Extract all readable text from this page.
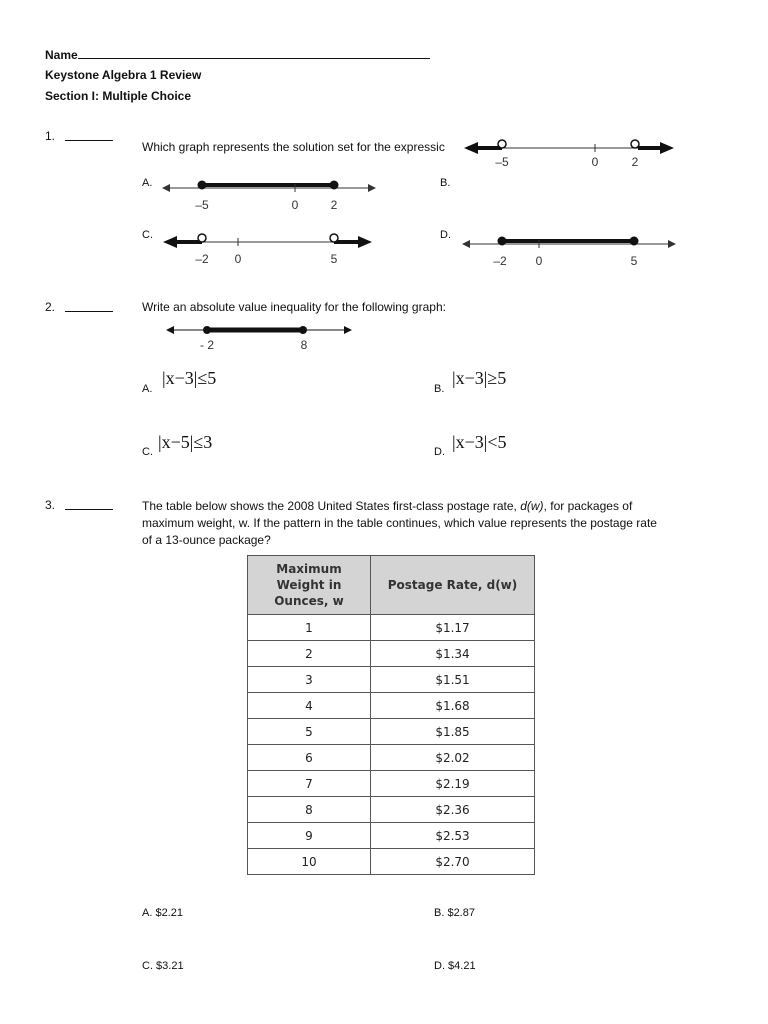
Name
Keystone Algebra 1 Review
Section I: Multiple Choice
1.
Which graph represents the solution set for the expressic
–5	0	2
A.	B.
–5	0	2
C.	D.
–2 0	5	–2 0	5
2.	Write an absolute value inequality for the following graph:
- 2	8
A.
|x−3|≤5
B.
|x−3|≥5
C. |x−5|≤3	D. |x−3|<5
3.	The table below shows the 2008 United States first-class postage rate, d(w), for packages of
maximum weight, w. If the pattern in the table continues, which value represents the postage rate
of a 13-ounce package?
Maximum Weight in Ounces, w	Postage Rate, d(w)
1	$1.17
2	$1.34
3	$1.51
4	$1.68
5	$1.85
6	$2.02
7	$2.19
8	$2.36
9	$2.53
10	$2.70
A. $2.21	B. $2.87
C. $3.21	D. $4.21
